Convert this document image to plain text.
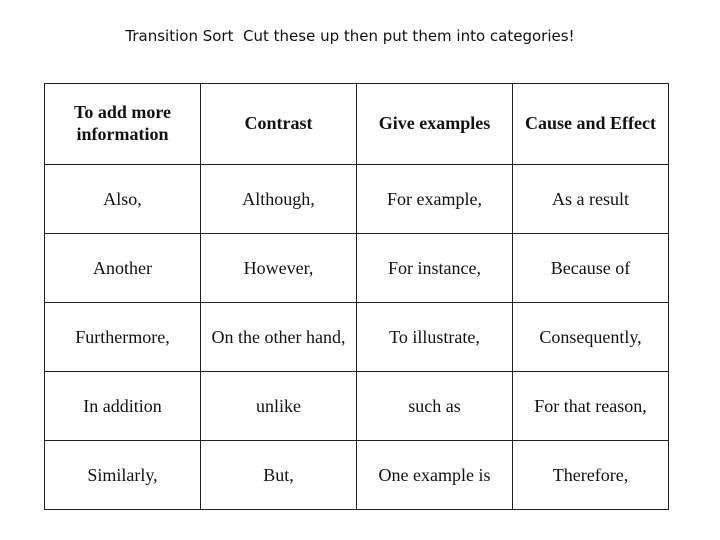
Transition Sort  Cut these up then put them into categories!
To add more information	Contrast	Give examples	Cause and Effect
Also,	Although,	For example,	As a result
Another	However,	For instance,	Because of
Furthermore,	On the other hand,	To illustrate,	Consequently,
In addition	unlike	such as	For that reason,
Similarly,	But,	One example is	Therefore,
